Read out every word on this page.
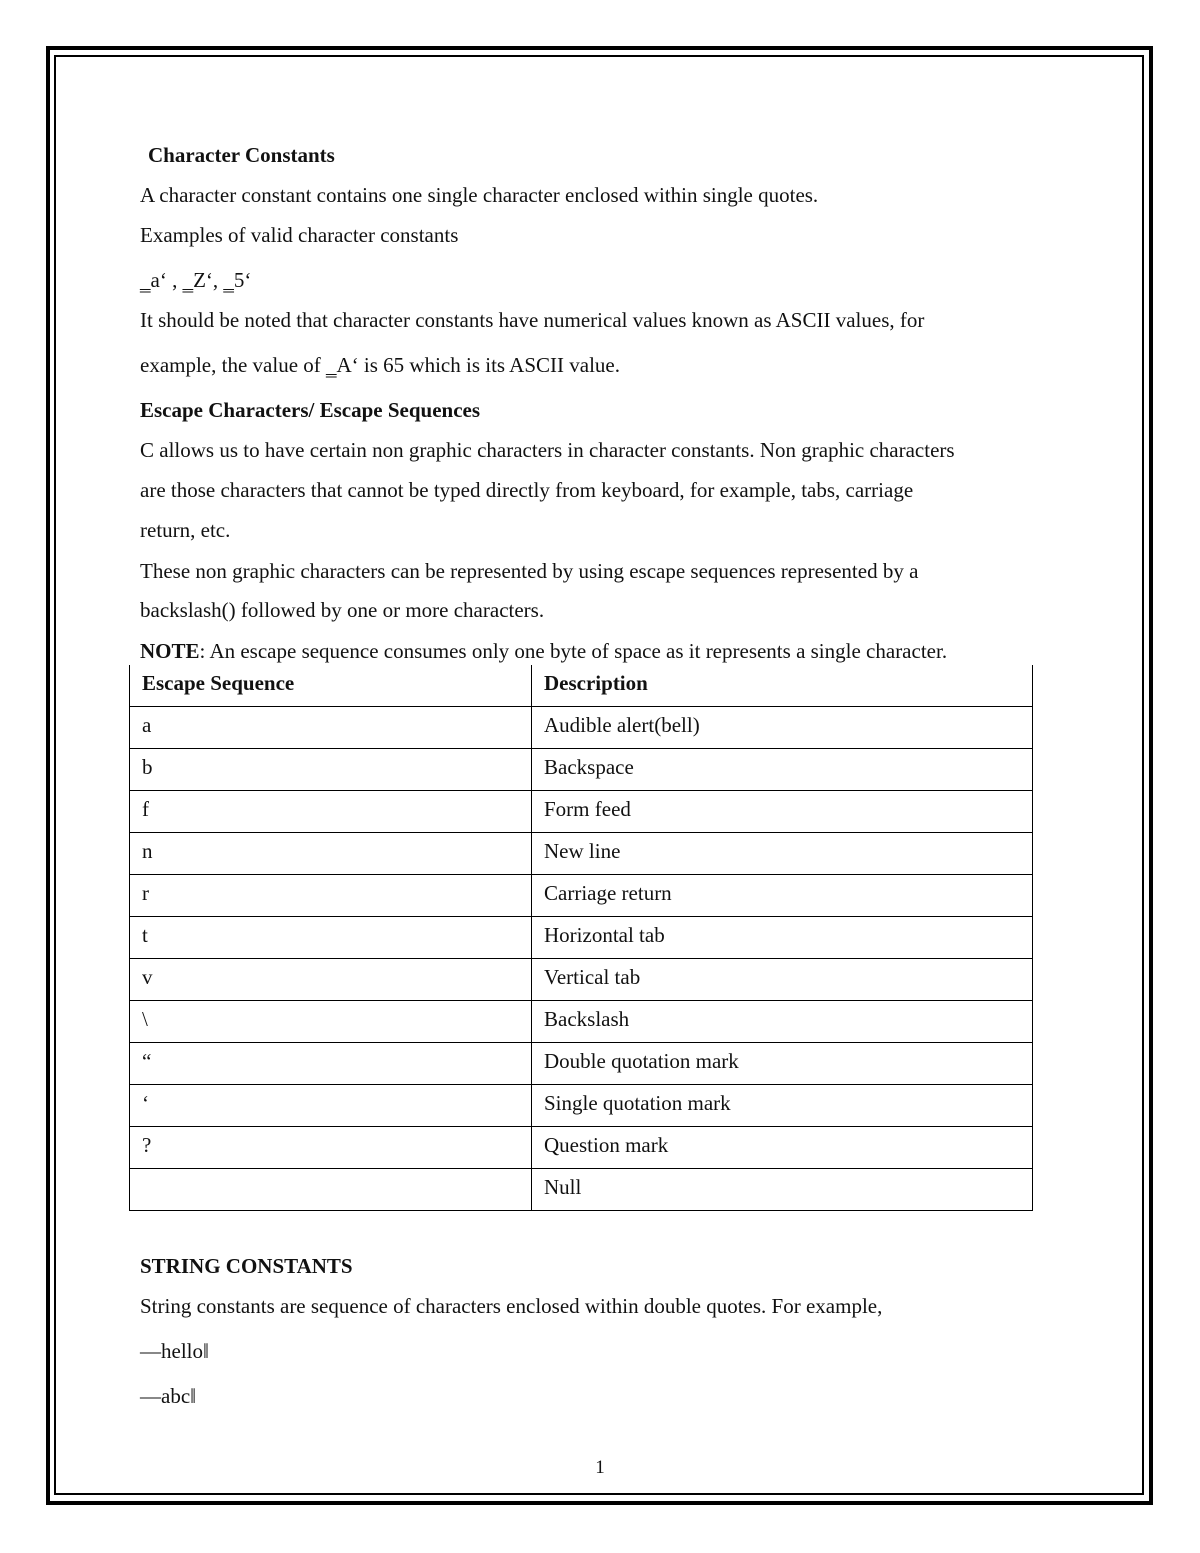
Character Constants
A character constant contains one single character enclosed within single quotes.
Examples of valid character constants
‗a‘ , ‗Z‘, ‗5‘
It should be noted that character constants have numerical values known as ASCII values, for
example, the value of ‗A‘ is 65 which is its ASCII value.
Escape Characters/ Escape Sequences
C allows us to have certain non graphic characters in character constants. Non graphic characters
are those characters that cannot be typed directly from keyboard, for example, tabs, carriage
return, etc.
These non graphic characters can be represented by using escape sequences represented by a
backslash() followed by one or more characters.
NOTE: An escape sequence consumes only one byte of space as it represents a single character.
Escape Sequence	Description
a	Audible alert(bell)
b	Backspace
f	Form feed
n	New line
r	Carriage return
t	Horizontal tab
v	Vertical tab
\	Backslash
“	Double quotation mark
‘	Single quotation mark
?	Question mark
	Null
STRING CONSTANTS
String constants are sequence of characters enclosed within double quotes. For example,
―hello‖
―abc‖
1
